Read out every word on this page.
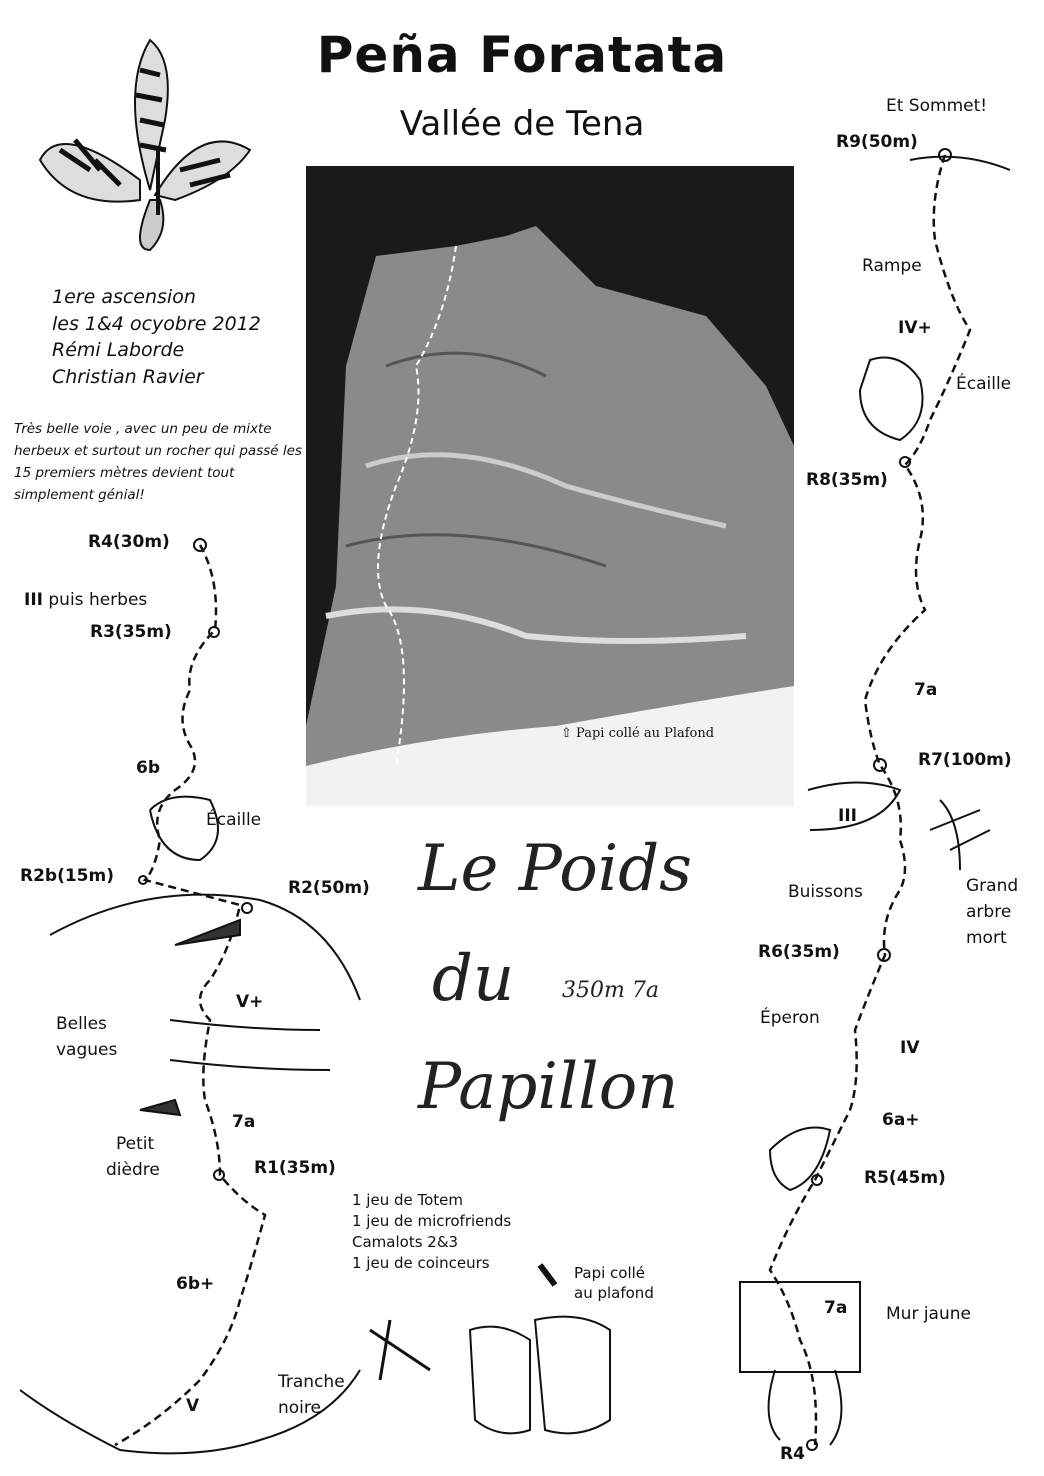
Peña Foratata
Vallée de Tena
1ere ascension
les 1&4 ocyobre 2012
Rémi Laborde
Christian Ravier
Très belle voie , avec un peu de mixte herbeux et surtout un rocher qui passé les 15 premiers mètres devient tout simplement génial!
⇧ Papi collé au Plafond
Le Poids
du
Papillon
350m 7a
1 jeu de Totem
1 jeu de microfriends
Camalots 2&3
1 jeu de coinceurs
R4(30m)
III puis herbes
R3(35m)
6b
Écaille
R2b(15m)
R2(50m)
V+
Belles
vagues
7a
Petit
dièdre	R1(35m)
6b+
V
Tranche
noire
Papi collé
au plafond
Et Sommet!
R9(50m)
Rampe
IV+
Écaille
R8(35m)
7a
R7(100m)
III
Buissons	Grand
arbre
mort
R6(35m)
Éperon
IV
6a+
R5(45m)
7a Mur jaune
R4
